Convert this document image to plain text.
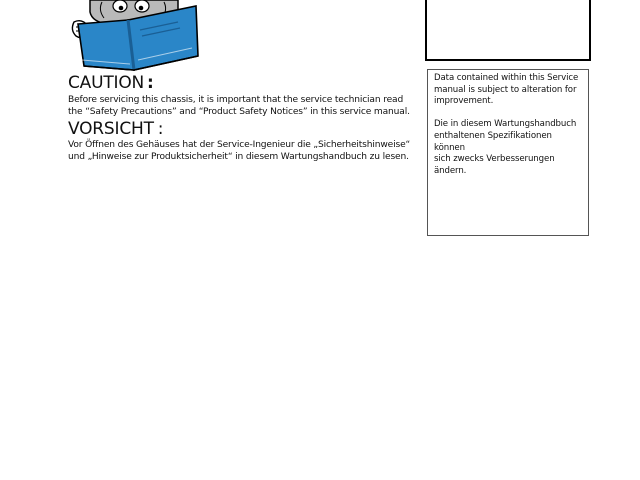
CAUTION :
Before servicing this chassis, it is important that the service technician read
the “Safety Precautions” and “Product Safety Notices” in this service manual.
VORSICHT :
Vor Öffnen des Gehäuses hat der Service-Ingenieur die „Sicherheitshinweise“
und „Hinweise zur Produktsicherheit“ in diesem Wartungshandbuch zu lesen.

Data contained within this Service
manual is subject to alteration for
improvement.

Die in diesem Wartungshandbuch
enthaltenen Spezifikationen können
sich zwecks Verbesserungen
ändern.
